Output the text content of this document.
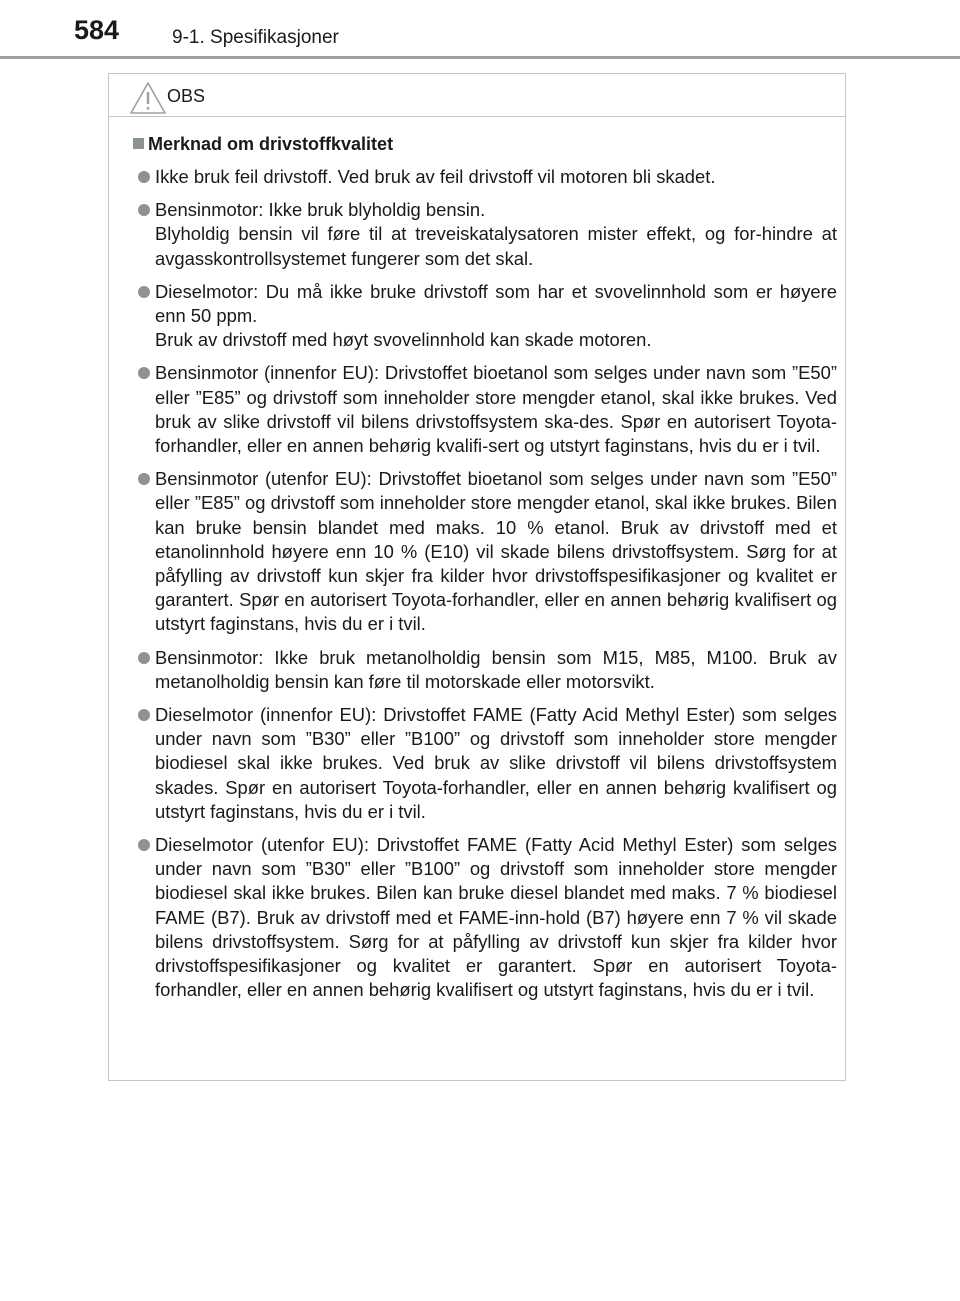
584	9-1. Spesifikasjoner
OBS
Merknad om drivstoffkvalitet
Ikke bruk feil drivstoff. Ved bruk av feil drivstoff vil motoren bli skadet.
Bensinmotor: Ikke bruk blyholdig bensin.
Blyholdig bensin vil føre til at treveiskatalysatoren mister effekt, og for-hindre at avgasskontrollsystemet fungerer som det skal.
Dieselmotor: Du må ikke bruke drivstoff som har et svovelinnhold som er høyere enn 50 ppm.
Bruk av drivstoff med høyt svovelinnhold kan skade motoren.
Bensinmotor (innenfor EU): Drivstoffet bioetanol som selges under navn som ”E50” eller ”E85” og drivstoff som inneholder store mengder etanol, skal ikke brukes. Ved bruk av slike drivstoff vil bilens drivstoffsystem ska-des. Spør en autorisert Toyota-forhandler, eller en annen behørig kvalifi-sert og utstyrt faginstans, hvis du er i tvil.
Bensinmotor (utenfor EU): Drivstoffet bioetanol som selges under navn som ”E50” eller ”E85” og drivstoff som inneholder store mengder etanol, skal ikke brukes. Bilen kan bruke bensin blandet med maks. 10 % etanol. Bruk av drivstoff med et etanolinnhold høyere enn 10 % (E10) vil skade bilens drivstoffsystem. Sørg for at påfylling av drivstoff kun skjer fra kilder hvor drivstoffspesifikasjoner og kvalitet er garantert. Spør en autorisert Toyota-forhandler, eller en annen behørig kvalifisert og utstyrt faginstans, hvis du er i tvil.
Bensinmotor: Ikke bruk metanolholdig bensin som M15, M85, M100. Bruk av metanolholdig bensin kan føre til motorskade eller motorsvikt.
Dieselmotor (innenfor EU): Drivstoffet FAME (Fatty Acid Methyl Ester) som selges under navn som ”B30” eller ”B100” og drivstoff som inneholder store mengder biodiesel skal ikke brukes. Ved bruk av slike drivstoff vil bilens drivstoffsystem skades. Spør en autorisert Toyota-forhandler, eller en annen behørig kvalifisert og utstyrt faginstans, hvis du er i tvil.
Dieselmotor (utenfor EU): Drivstoffet FAME (Fatty Acid Methyl Ester) som selges under navn som ”B30” eller ”B100” og drivstoff som inneholder store mengder biodiesel skal ikke brukes. Bilen kan bruke diesel blandet med maks. 7 % biodiesel FAME (B7). Bruk av drivstoff med et FAME-inn-hold (B7) høyere enn 7 % vil skade bilens drivstoffsystem. Sørg for at påfylling av drivstoff kun skjer fra kilder hvor drivstoffspesifikasjoner og kvalitet er garantert. Spør en autorisert Toyota-forhandler, eller en annen behørig kvalifisert og utstyrt faginstans, hvis du er i tvil.
